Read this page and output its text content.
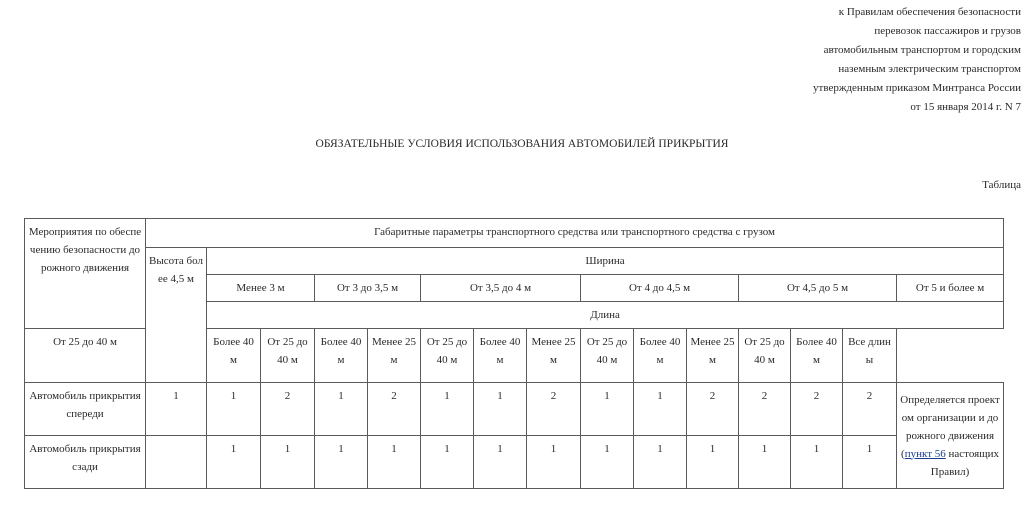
к Правилам обеспечения безопасности
перевозок пассажиров и грузов
автомобильным транспортом и городским
наземным электрическим транспортом
утвержденным приказом Минтранса России
от 15 января 2014 г. N 7
ОБЯЗАТЕЛЬНЫЕ УСЛОВИЯ ИСПОЛЬЗОВАНИЯ АВТОМОБИЛЕЙ ПРИКРЫТИЯ
Таблица
Мероприятия по обеспечению безопасности дорожного движения	Габаритные параметры транспортного средства или транспортного средства с грузом														
	Высота более 4,5 м	Ширина													
		Менее 3 м		От 3 до 3,5 м		От 3,5 до 4 м			От 4 до 4,5 м			От 4,5 до 5 м			От 5 и более м
		Длина													
От 25 до 40 м		Более 40 м	От 25 до 40 м	Более 40 м	Менее 25 м	От 25 до 40 м	Более 40 м	Менее 25 м	От 25 до 40 м	Более 40 м	Менее 25 м	От 25 до 40 м	Более 40 м	Все длины	
Автомобиль прикрытия спереди	1	1	2	1	2	1	1	2	1	1	2	2	2	2	Определяется проектом организации и дорожного движения (пункт 56 настоящих Правил)
Автомобиль прикрытия сзади		1	1	1	1	1	1	1	1	1	1	1	1	1	
